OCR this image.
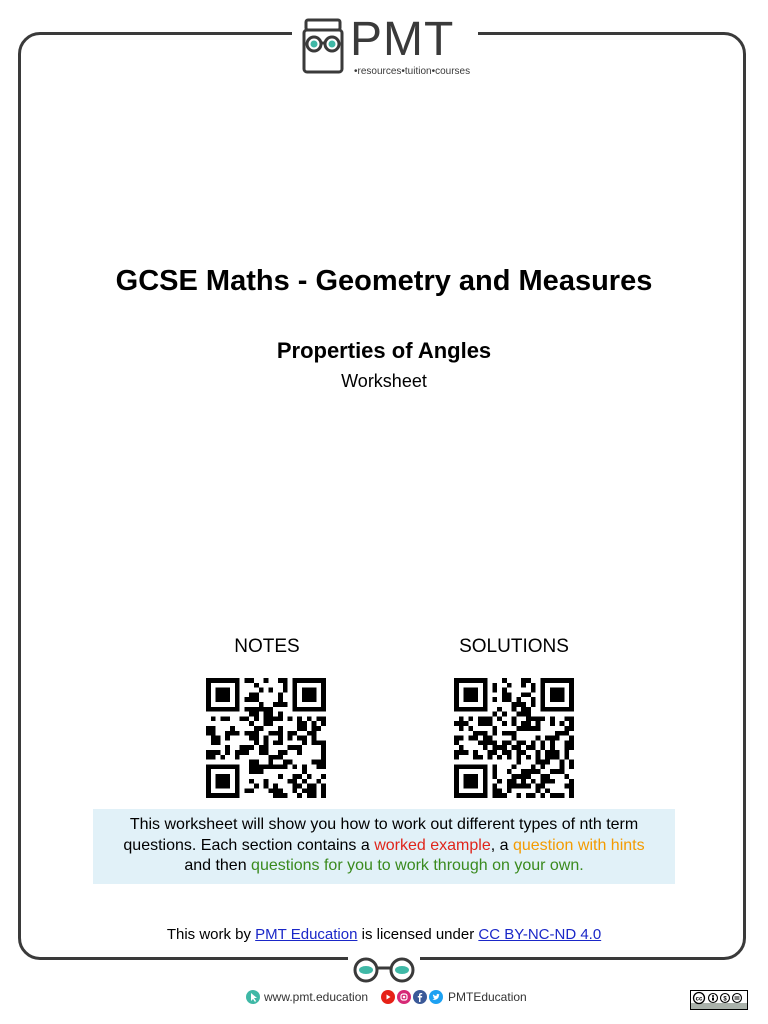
PMT
•resources•tuition•courses
GCSE Maths - Geometry and Measures
Properties of Angles
Worksheet
NOTES	SOLUTIONS
This worksheet will show you how to work out different types of nth term
questions. Each section contains a worked example, a question with hints
and then questions for you to work through on your own.
This work by PMT Education is licensed under CC BY-NC-ND 4.0
www.pmt.education	PMTEducation	cc	$
